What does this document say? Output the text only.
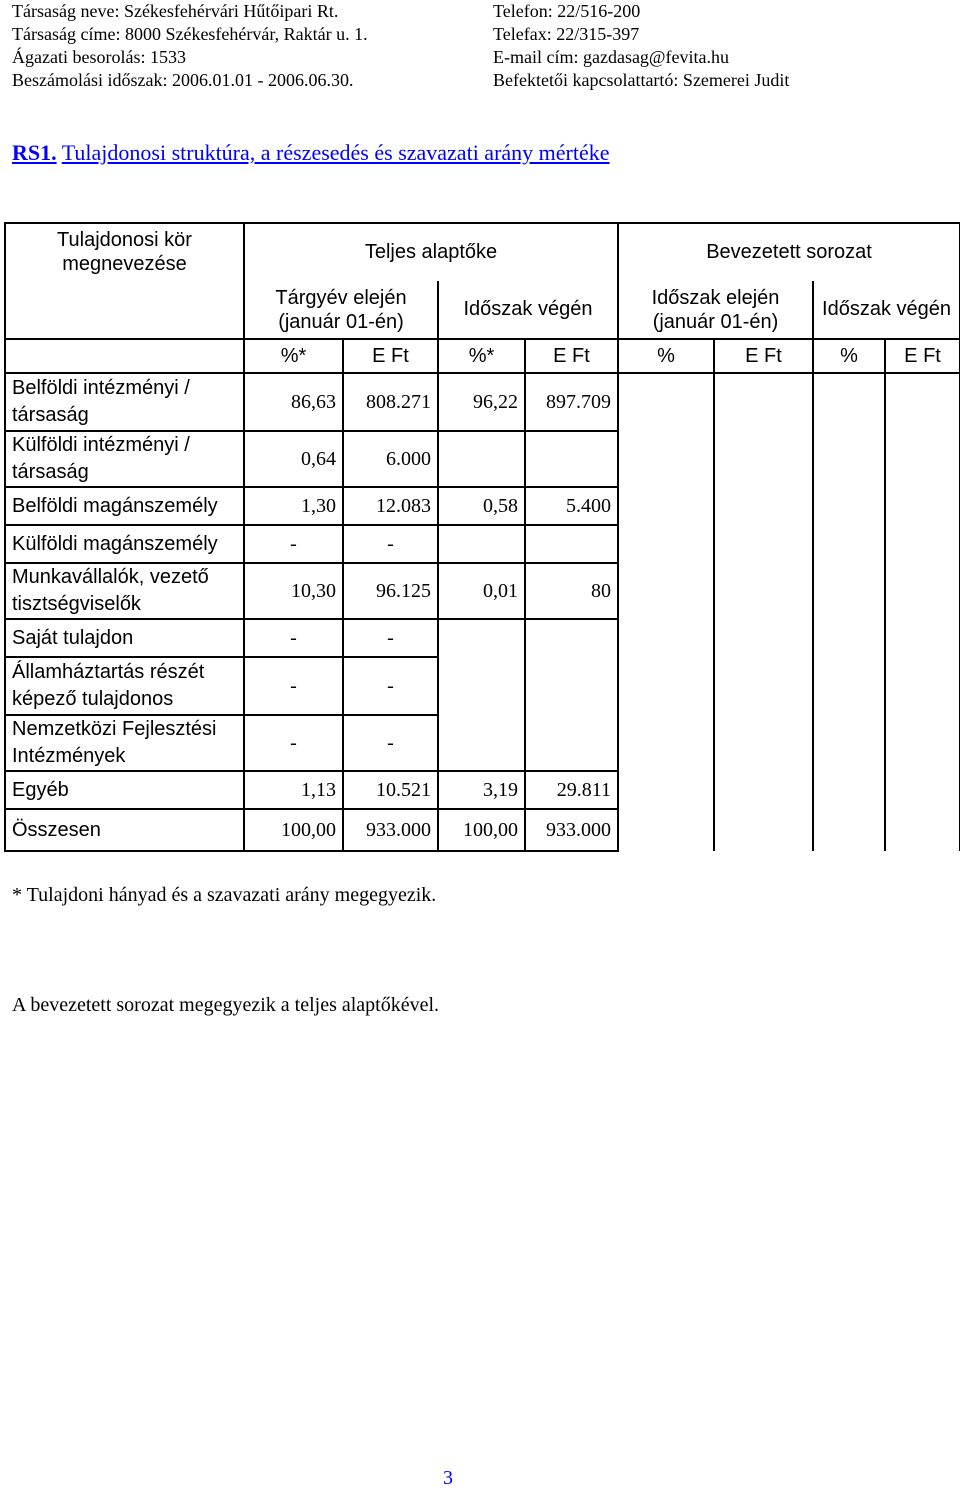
Társaság neve: Székesfehérvári Hűtőipari Rt.
Társaság címe: 8000 Székesfehérvár, Raktár u. 1.
Ágazati besorolás: 1533
Beszámolási időszak: 2006.01.01 - 2006.06.30.
Telefon: 22/516-200
Telefax: 22/315-397
E-mail cím: gazdasag@fevita.hu
Befektetői kapcsolattartó: Szemerei Judit
RS1. Tulajdonosi struktúra, a részesedés és szavazati arány mértéke
Tulajdonosi kör megnevezése	Teljes alaptőke				Bevezetett sorozat			
	Tárgyév elején (január 01-én)		Időszak végén		Időszak elején (január 01-én)		Időszak végén	
	%*	E Ft	%*	E Ft	%	E Ft	%	E Ft
Belföldi intézményi / társaság	86,63	808.271	96,22	897.709				
Külföldi intézményi / társaság	0,64	6.000						
Belföldi magánszemély	1,30	12.083	0,58	5.400				
Külföldi magánszemély	-	-						
Munkavállalók, vezető tisztségviselők	10,30	96.125	0,01	80				
Saját tulajdon	-	-						
Államháztartás részét képező tulajdonos	-	-						
Nemzetközi Fejlesztési Intézmények	-	-						
Egyéb	1,13	10.521	3,19	29.811				
Összesen	100,00	933.000	100,00	933.000				
* Tulajdoni hányad és a szavazati arány megegyezik.
A bevezetett sorozat megegyezik a teljes alaptőkével.
3
